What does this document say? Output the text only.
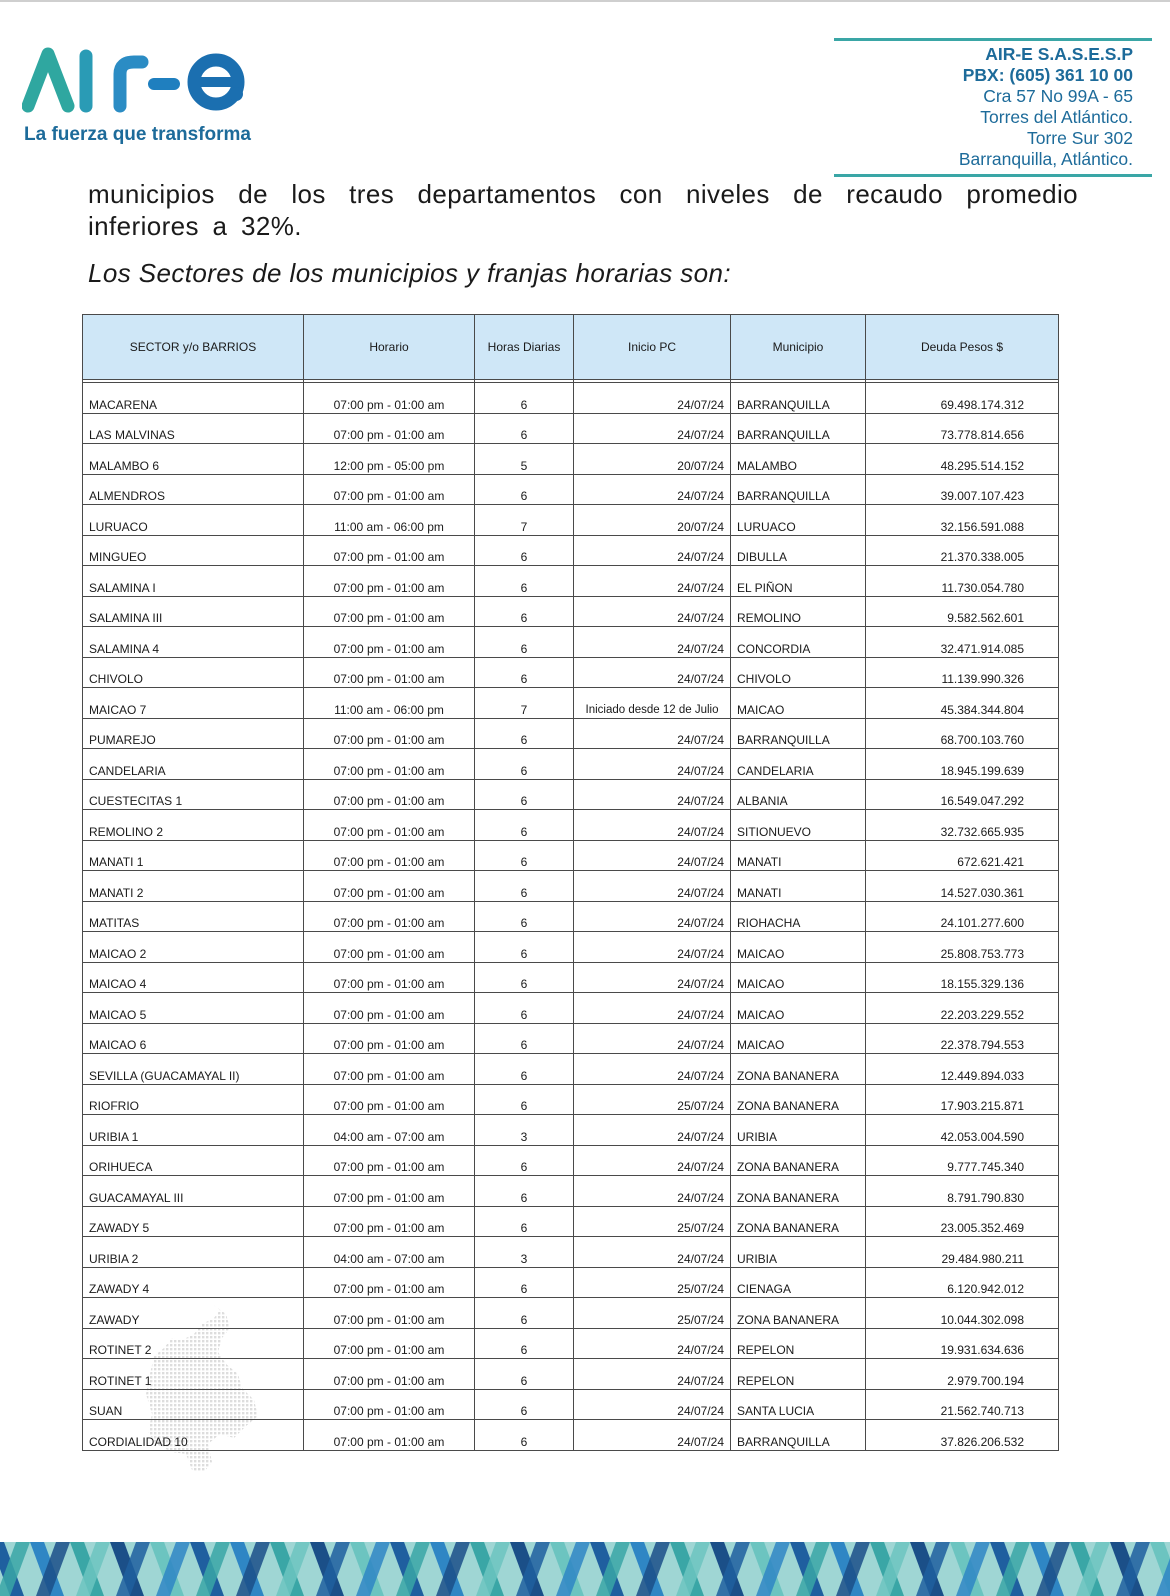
La fuerza que transforma
AIR-E S.A.S.E.S.P
PBX: (605) 361 10 00
Cra 57 No 99A - 65
Torres del Atlántico.
Torre Sur 302
Barranquilla, Atlántico.
municipios de los tres departamentos con niveles de recaudo promedio inferiores a 32%.
Los Sectores de los municipios y franjas horarias son:
SECTOR y/o BARRIOS	Horario	Horas Diarias	Inicio PC	Municipio	Deuda Pesos $

MACARENA	07:00 pm - 01:00 am	6	24/07/24	BARRANQUILLA	69.498.174.312
LAS MALVINAS	07:00 pm - 01:00 am	6	24/07/24	BARRANQUILLA	73.778.814.656
MALAMBO 6	12:00 pm - 05:00 pm	5	20/07/24	MALAMBO	48.295.514.152
ALMENDROS	07:00 pm - 01:00 am	6	24/07/24	BARRANQUILLA	39.007.107.423
LURUACO	11:00 am - 06:00 pm	7	20/07/24	LURUACO	32.156.591.088
MINGUEO	07:00 pm - 01:00 am	6	24/07/24	DIBULLA	21.370.338.005
SALAMINA I	07:00 pm - 01:00 am	6	24/07/24	EL PIÑON	11.730.054.780
SALAMINA III	07:00 pm - 01:00 am	6	24/07/24	REMOLINO	9.582.562.601
SALAMINA 4	07:00 pm - 01:00 am	6	24/07/24	CONCORDIA	32.471.914.085
CHIVOLO	07:00 pm - 01:00 am	6	24/07/24	CHIVOLO	11.139.990.326
MAICAO 7	11:00 am - 06:00 pm	7	Iniciado desde 12 de Julio	MAICAO	45.384.344.804
PUMAREJO	07:00 pm - 01:00 am	6	24/07/24	BARRANQUILLA	68.700.103.760
CANDELARIA	07:00 pm - 01:00 am	6	24/07/24	CANDELARIA	18.945.199.639
CUESTECITAS 1	07:00 pm - 01:00 am	6	24/07/24	ALBANIA	16.549.047.292
REMOLINO 2	07:00 pm - 01:00 am	6	24/07/24	SITIONUEVO	32.732.665.935
MANATI 1	07:00 pm - 01:00 am	6	24/07/24	MANATI	672.621.421
MANATI 2	07:00 pm - 01:00 am	6	24/07/24	MANATI	14.527.030.361
MATITAS	07:00 pm - 01:00 am	6	24/07/24	RIOHACHA	24.101.277.600
MAICAO 2	07:00 pm - 01:00 am	6	24/07/24	MAICAO	25.808.753.773
MAICAO 4	07:00 pm - 01:00 am	6	24/07/24	MAICAO	18.155.329.136
MAICAO 5	07:00 pm - 01:00 am	6	24/07/24	MAICAO	22.203.229.552
MAICAO 6	07:00 pm - 01:00 am	6	24/07/24	MAICAO	22.378.794.553
SEVILLA (GUACAMAYAL II)	07:00 pm - 01:00 am	6	24/07/24	ZONA BANANERA	12.449.894.033
RIOFRIO	07:00 pm - 01:00 am	6	25/07/24	ZONA BANANERA	17.903.215.871
URIBIA 1	04:00 am - 07:00 am	3	24/07/24	URIBIA	42.053.004.590
ORIHUECA	07:00 pm - 01:00 am	6	24/07/24	ZONA BANANERA	9.777.745.340
GUACAMAYAL III	07:00 pm - 01:00 am	6	24/07/24	ZONA BANANERA	8.791.790.830
ZAWADY 5	07:00 pm - 01:00 am	6	25/07/24	ZONA BANANERA	23.005.352.469
URIBIA 2	04:00 am - 07:00 am	3	24/07/24	URIBIA	29.484.980.211
ZAWADY 4	07:00 pm - 01:00 am	6	25/07/24	CIENAGA	6.120.942.012
ZAWADY	07:00 pm - 01:00 am	6	25/07/24	ZONA BANANERA	10.044.302.098
ROTINET 2	07:00 pm - 01:00 am	6	24/07/24	REPELON	19.931.634.636
ROTINET 1	07:00 pm - 01:00 am	6	24/07/24	REPELON	2.979.700.194
SUAN	07:00 pm - 01:00 am	6	24/07/24	SANTA LUCIA	21.562.740.713
CORDIALIDAD 10	07:00 pm - 01:00 am	6	24/07/24	BARRANQUILLA	37.826.206.532
